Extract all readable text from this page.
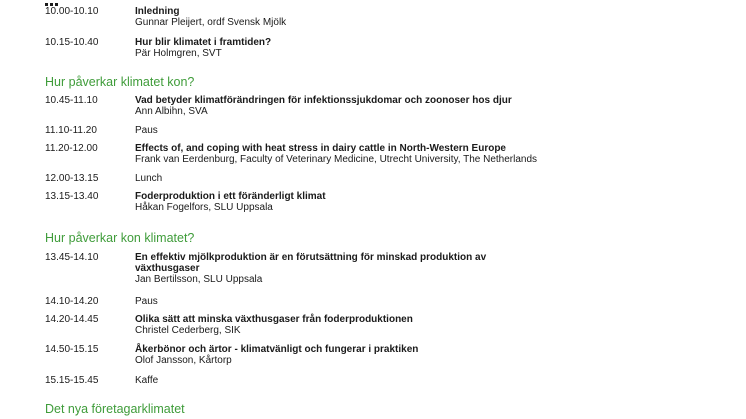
10.00-10.10	Inledning
Gunnar Pleijert, ordf Svensk Mjölk
10.15-10.40	Hur blir klimatet i framtiden?
Pär Holmgren, SVT
Hur påverkar klimatet kon?
10.45-11.10	Vad betyder klimatförändringen för infektionssjukdomar och zoonoser hos djur
Ann Albihn, SVA
11.10-11.20	Paus
11.20-12.00	Effects of, and coping with heat stress in dairy cattle in North-Western Europe
Frank van Eerdenburg, Faculty of Veterinary Medicine, Utrecht University, The Netherlands
12.00-13.15	Lunch
13.15-13.40	Foderproduktion i ett föränderligt klimat
Håkan Fogelfors, SLU Uppsala
Hur påverkar kon klimatet?
13.45-14.10	En effektiv mjölkproduktion är en förutsättning för minskad produktion av växthusgaser
Jan Bertilsson, SLU Uppsala
14.10-14.20	Paus
14.20-14.45	Olika sätt att minska växthusgaser från foderproduktionen
Christel Cederberg, SIK
14.50-15.15	Åkerbönor och ärtor - klimatvänligt och fungerar i praktiken
Olof Jansson, Kårtorp
15.15-15.45	Kaffe
Det nya företagarklimatet
